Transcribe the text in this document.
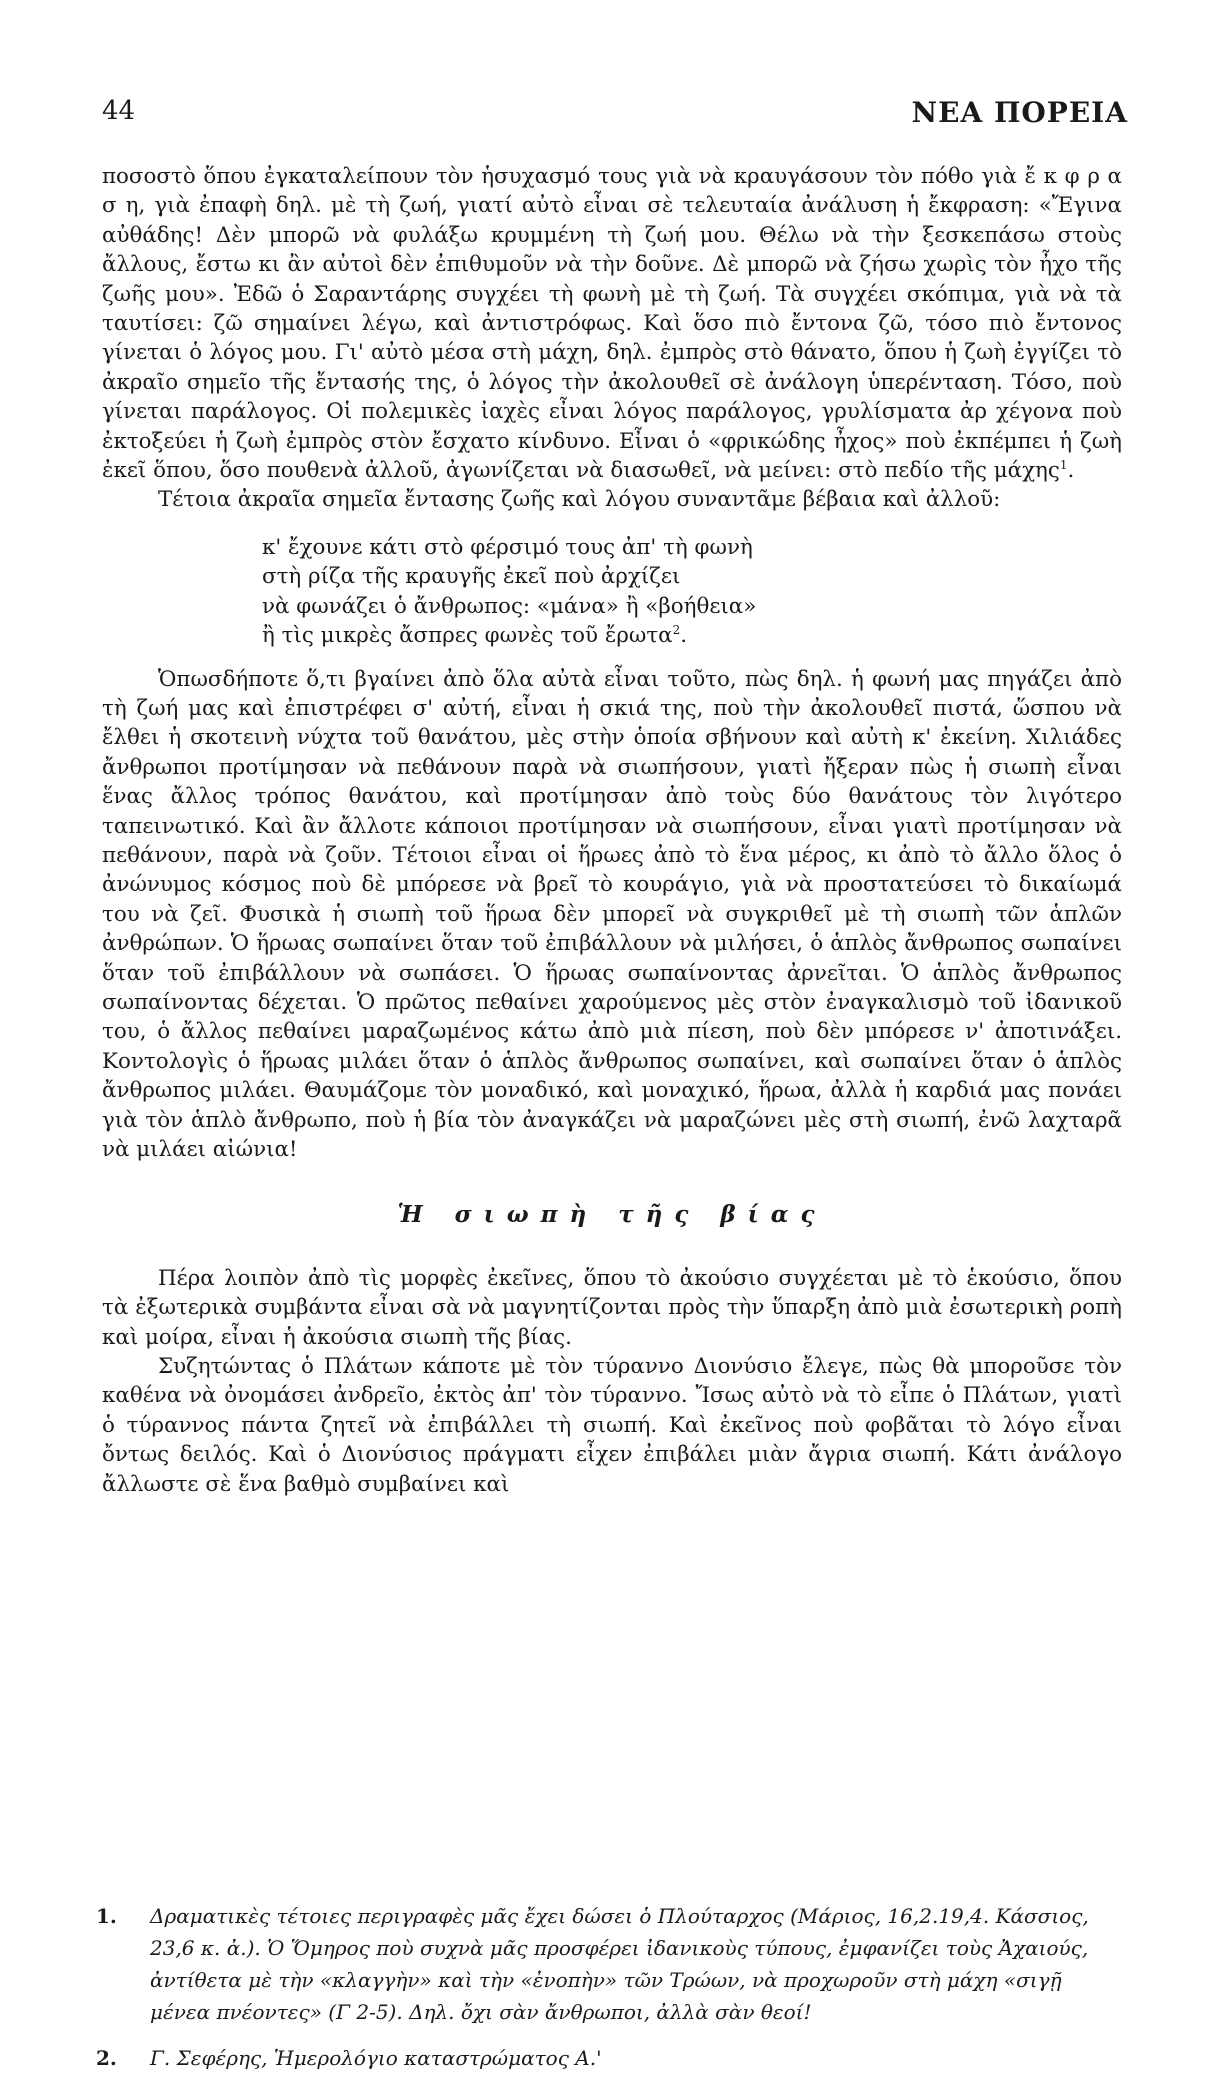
44	ΝΕΑ ΠΟΡΕΙΑ

ποσοστὸ ὅπου ἐγκαταλείπουν τὸν ἡσυχασμό τους γιὰ νὰ κραυγάσουν τὸν πόθο γιὰ ἔ κ φ ρ α σ η, γιὰ ἐπαφὴ δηλ. μὲ τὴ ζωή, γιατί αὐτὸ εἶναι σὲ τελευταία ἀνάλυση ἡ ἔκφραση: «Ἔγινα αὐθάδης! Δὲν μπορῶ νὰ φυλάξω κρυμμένη τὴ ζωή μου. Θέλω νὰ τὴν ξεσκεπάσω στοὺς ἄλλους, ἔστω κι ἂν αὐτοὶ δὲν ἐπιθυμοῦν νὰ τὴν δοῦνε. Δὲ μπορῶ νὰ ζήσω χωρὶς τὸν ἦχο τῆς ζωῆς μου». Ἐδῶ ὁ Σαραντάρης συγχέει τὴ φωνὴ μὲ τὴ ζωή. Τὰ συγχέει σκόπιμα, γιὰ νὰ τὰ ταυτίσει: ζῶ σημαίνει λέγω, καὶ ἀντιστρόφως. Καὶ ὅσο πιὸ ἔντονα ζῶ, τόσο πιὸ ἔντονος γίνεται ὁ λόγος μου. Γι' αὐτὸ μέσα στὴ μάχη, δηλ. ἐμπρὸς στὸ θάνατο, ὅπου ἡ ζωὴ ἐγγίζει τὸ ἀκραῖο σημεῖο τῆς ἔντασής της, ὁ λόγος τὴν ἀκολουθεῖ σὲ ἀνάλογη ὑπερένταση. Τόσο, ποὺ γίνεται παράλογος. Οἱ πολεμικὲς ἰαχὲς εἶναι λόγος παράλογος, γρυλίσματα ἀρ χέγονα ποὺ ἐκτοξεύει ἡ ζωὴ ἐμπρὸς στὸν ἔσχατο κίνδυνο. Εἶναι ὁ «φρικώδης ἦχος» ποὺ ἐκπέμπει ἡ ζωὴ ἐκεῖ ὅπου, ὅσο πουθενὰ ἀλλοῦ, ἀγωνίζεται νὰ διασωθεῖ, νὰ μείνει: στὸ πεδίο τῆς μάχης$^1$.

Τέτοια ἀκραῖα σημεῖα ἔντασης ζωῆς καὶ λόγου συναντᾶμε βέβαια καὶ ἀλλοῦ:

κ' ἔχουνε κάτι στὸ φέρσιμό τους ἀπ' τὴ φωνὴ
στὴ ρίζα τῆς κραυγῆς ἐκεῖ ποὺ ἀρχίζει
νὰ φωνάζει ὁ ἄνθρωπος: «μάνα» ἢ «βοήθεια»
ἢ τὶς μικρὲς ἄσπρες φωνὲς τοῦ ἔρωτα$^2$.

Ὁπωσδήποτε ὅ,τι βγαίνει ἀπὸ ὅλα αὐτὰ εἶναι τοῦτο, πὼς δηλ. ἡ φωνή μας πηγάζει ἀπὸ τὴ ζωή μας καὶ ἐπιστρέφει σ' αὐτή, εἶναι ἡ σκιά της, ποὺ τὴν ἀκολουθεῖ πιστά, ὥσπου νὰ ἔλθει ἡ σκοτεινὴ νύχτα τοῦ θανάτου, μὲς στὴν ὁποία σβήνουν καὶ αὐτὴ κ' ἐκείνη. Χιλιάδες ἄνθρωποι προτίμησαν νὰ πεθάνουν παρὰ νὰ σιωπήσουν, γιατὶ ἤξεραν πὼς ἡ σιωπὴ εἶναι ἕνας ἄλλος τρόπος θανάτου, καὶ προτίμησαν ἀπὸ τοὺς δύο θανάτους τὸν λιγότερο ταπεινωτικό. Καὶ ἂν ἄλλοτε κάποιοι προτίμησαν νὰ σιωπήσουν, εἶναι γιατὶ προτίμησαν νὰ πεθάνουν, παρὰ νὰ ζοῦν. Τέτοιοι εἶναι οἱ ἥρωες ἀπὸ τὸ ἕνα μέρος, κι ἀπὸ τὸ ἄλλο ὅλος ὁ ἀνώνυμος κόσμος ποὺ δὲ μπόρεσε νὰ βρεῖ τὸ κουράγιο, γιὰ νὰ προστατεύσει τὸ δικαίωμά του νὰ ζεῖ. Φυσικὰ ἡ σιωπὴ τοῦ ἥρωα δὲν μπορεῖ νὰ συγκριθεῖ μὲ τὴ σιωπὴ τῶν ἁπλῶν ἀνθρώπων. Ὁ ἥρωας σωπαίνει ὅταν τοῦ ἐπιβάλλουν νὰ μιλήσει, ὁ ἁπλὸς ἄνθρωπος σωπαίνει ὅταν τοῦ ἐπιβάλλουν νὰ σωπάσει. Ὁ ἥρωας σωπαίνοντας ἀρνεῖται. Ὁ ἁπλὸς ἄνθρωπος σωπαίνοντας δέχεται. Ὁ πρῶτος πεθαίνει χαρούμενος μὲς στὸν ἐναγκαλισμὸ τοῦ ἰδανικοῦ του, ὁ ἄλλος πεθαίνει μαραζωμένος κάτω ἀπὸ μιὰ πίεση, ποὺ δὲν μπόρεσε ν' ἀποτινάξει. Κοντολογὶς ὁ ἥρωας μιλάει ὅταν ὁ ἁπλὸς ἄνθρωπος σωπαίνει, καὶ σωπαίνει ὅταν ὁ ἁπλὸς ἄνθρωπος μιλάει. Θαυμάζομε τὸν μοναδικό, καὶ μοναχικό, ἥρωα, ἀλλὰ ἡ καρδιά μας πονάει γιὰ τὸν ἁπλὸ ἄνθρωπο, ποὺ ἡ βία τὸν ἀναγκάζει νὰ μαραζώνει μὲς στὴ σιωπή, ἐνῶ λαχταρᾶ νὰ μιλάει αἰώνια!

Ἡ σιωπὴ τῆς βίας

Πέρα λοιπὸν ἀπὸ τὶς μορφὲς ἐκεῖνες, ὅπου τὸ ἀκούσιο συγχέεται μὲ τὸ ἑκούσιο, ὅπου τὰ ἐξωτερικὰ συμβάντα εἶναι σὰ νὰ μαγνητίζονται πρὸς τὴν ὕπαρξη ἀπὸ μιὰ ἐσωτερικὴ ροπὴ καὶ μοίρα, εἶναι ἡ ἀκούσια σιωπὴ τῆς βίας.

Συζητώντας ὁ Πλάτων κάποτε μὲ τὸν τύραννο Διονύσιο ἔλεγε, πὼς θὰ μποροῦσε τὸν καθένα νὰ ὀνομάσει ἀνδρεῖο, ἐκτὸς ἀπ' τὸν τύραννο. Ἴσως αὐτὸ νὰ τὸ εἶπε ὁ Πλάτων, γιατὶ ὁ τύραννος πάντα ζητεῖ νὰ ἐπιβάλλει τὴ σιωπή. Καὶ ἐκεῖνος ποὺ φοβᾶται τὸ λόγο εἶναι ὄντως δειλός. Καὶ ὁ Διονύσιος πράγματι εἶχεν ἐπιβάλει μιὰν ἄγρια σιωπή. Κάτι ἀνάλογο ἄλλωστε σὲ ἕνα βαθμὸ συμβαίνει καὶ

1. Δραματικὲς τέτοιες περιγραφὲς μᾶς ἔχει δώσει ὁ Πλούταρχος (Μάριος, 16,2.19,4. Κάσσιος, 23,6 κ. ἀ.). Ὁ Ὅμηρος ποὺ συχνὰ μᾶς προσφέρει ἰδανικοὺς τύπους, ἐμφανίζει τοὺς Ἀχαιούς, ἀντίθετα μὲ τὴν «κλαγγὴν» καὶ τὴν «ἐνοπὴν» τῶν Τρώων, νὰ προχωροῦν στὴ μάχη «σιγῇ μένεα πνέοντες» (Γ 2-5). Δηλ. ὄχι σὰν ἄνθρωποι, ἀλλὰ σὰν θεοί!
2. Γ. Σεφέρης, Ἡμερολόγιο καταστρώματος Α.'
